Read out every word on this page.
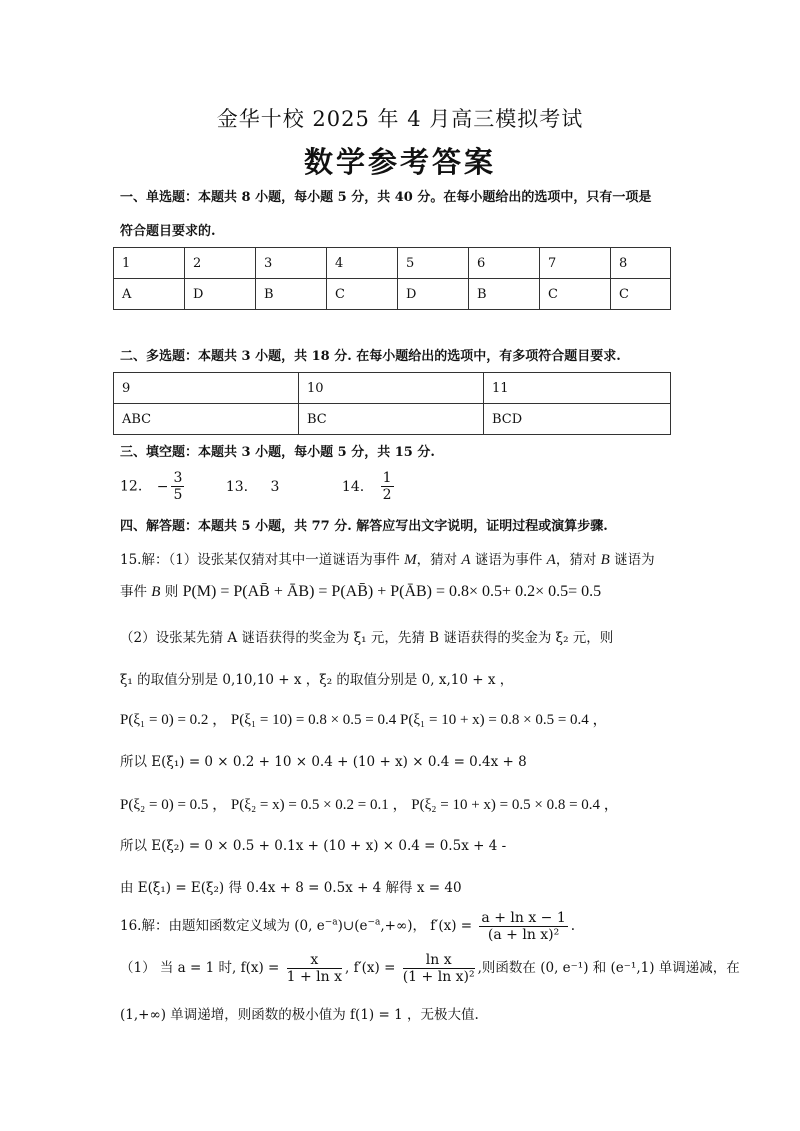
金华十校 2025 年 4 月高三模拟考试
数学参考答案
一、单选题：本题共 8 小题，每小题 5 分，共 40 分。在每小题给出的选项中，只有一项是
符合题目要求的.
1	2	3	4	5	6	7	8
A	D	B	C	D	B	C	C
二、多选题：本题共 3 小题，共 18 分. 在每小题给出的选项中，有多项符合题目要求.
9	10	11
ABC	BC	BCD
三、填空题：本题共 3 小题，每小题 5 分，共 15 分.
12. − $\frac{3}{5}$	13. 3	14. $\frac{1}{2}$
四、解答题：本题共 5 小题，共 77 分. 解答应写出文字说明，证明过程或演算步骤.
15.解：（1）设张某仅猜对其中一道谜语为事件 M，猜对 A 谜语为事件 A，猜对 B 谜语为
事件 B 则 P(M) = P(AB̄ + ĀB) = P(AB̄) + P(ĀB) = 0.8× 0.5+ 0.2× 0.5= 0.5
（2）设张某先猜 A 谜语获得的奖金为 ξ₁ 元，先猜 B 谜语获得的奖金为 ξ₂ 元，则
ξ₁ 的取值分别是 0,10,10 + x ，ξ₂ 的取值分别是 0, x,10 + x ，
P(ξ₁ = 0) = 0.2 ， P(ξ₁ = 10) = 0.8 × 0.5 = 0.4 P(ξ₁ = 10 + x) = 0.8 × 0.5 = 0.4 ，
所以 E(ξ₁) = 0 × 0.2 + 10 × 0.4 + (10 + x) × 0.4 = 0.4x + 8
P(ξ₂ = 0) = 0.5 ， P(ξ₂ = x) = 0.5 × 0.2 = 0.1 ， P(ξ₂ = 10 + x) = 0.5 × 0.8 = 0.4 ，
所以 E(ξ₂) = 0 × 0.5 + 0.1x + (10 + x) × 0.4 = 0.5x + 4 -
由 E(ξ₁) = E(ξ₂) 得 0.4x + 8 = 0.5x + 4 解得 x = 40
16.解：由题知函数定义域为 (0, $e^{-a})\cup(e^{-a},+\infty)$， $f'(x) = \frac{\text{a + ln x − 1}}{\text{(a + ln x)²}}$ .
（1） 当 a = 1 时, $f(x) = \frac{x}{\text{1 + ln x}}$ , $f'(x) = \frac{\text{ln x}}{\text{(1 + ln x)²}}$ ,则函数在 (0, e⁻¹) 和 (e⁻¹,1) 单调递减，在
(1,+∞) 单调递增，则函数的极小值为 f(1) = 1 ，无极大值.
